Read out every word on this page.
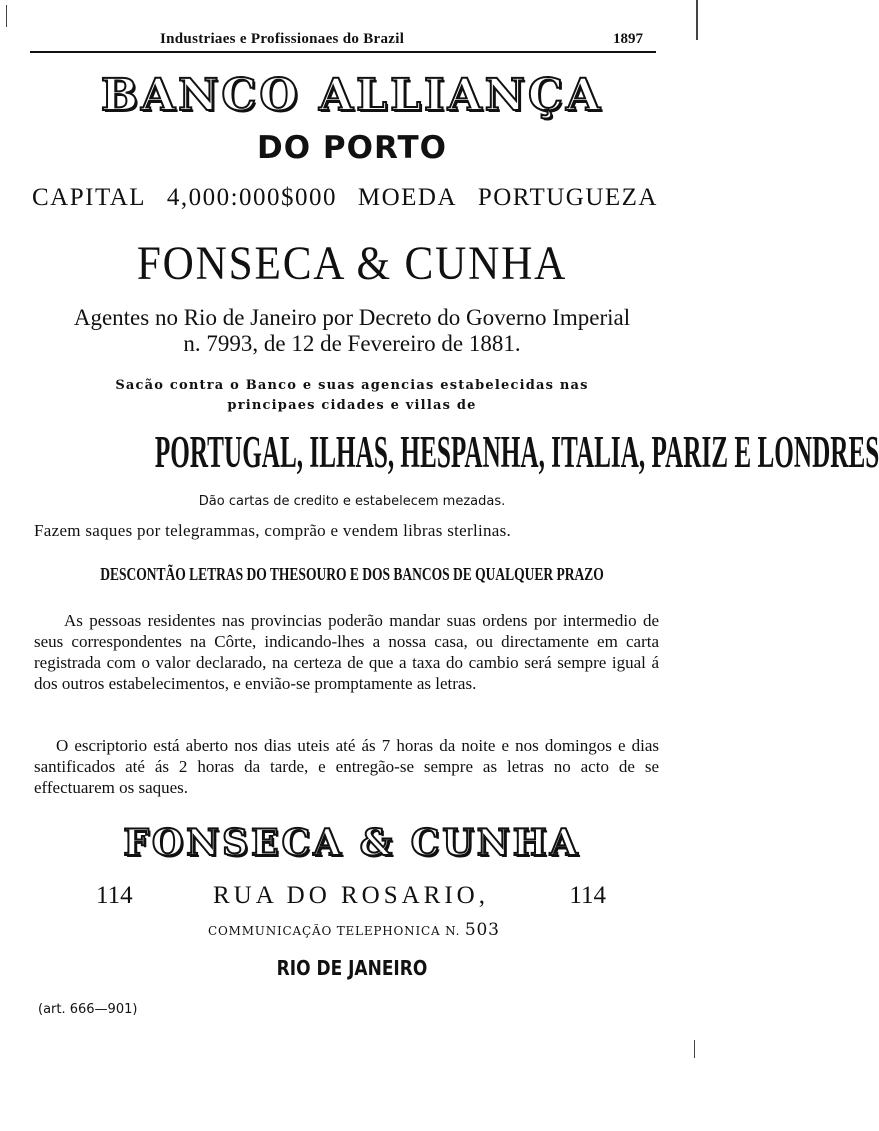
Industriaes e Profissionaes do Brazil	1897
BANCO ALLIANÇA
DO PORTO
CAPITAL 4,000:000$000 MOEDA PORTUGUEZA
FONSECA & CUNHA
Agentes no Rio de Janeiro por Decreto do Governo Imperial
n. 7993, de 12 de Fevereiro de 1881.
Sacão contra o Banco e suas agencias estabelecidas nas
principaes cidades e villas de
PORTUGAL, ILHAS, HESPANHA, ITALIA, PARIZ E LONDRES
Dão cartas de credito e estabelecem mezadas.
Fazem saques por telegrammas, comprão e vendem libras sterlinas.
DESCONTÃO LETRAS DO THESOURO E DOS BANCOS DE QUALQUER PRAZO
As pessoas residentes nas provincias poderão mandar suas ordens por intermedio de seus correspondentes na Côrte, indicando-lhes a nossa casa, ou directamente em carta registrada com o valor declarado, na certeza de que a taxa do cambio será sempre igual á dos outros estabelecimentos, e envião-se promptamente as letras.
O escriptorio está aberto nos dias uteis até ás 7 horas da noite e nos domingos e dias santificados até ás 2 horas da tarde, e entregão-se sempre as letras no acto de se effectuarem os saques.
FONSECA & CUNHA
114	RUA DO ROSARIO,	114
COMMUNICAÇÃO TELEPHONICA N. 503
RIO DE JANEIRO
(art. 666—901)
